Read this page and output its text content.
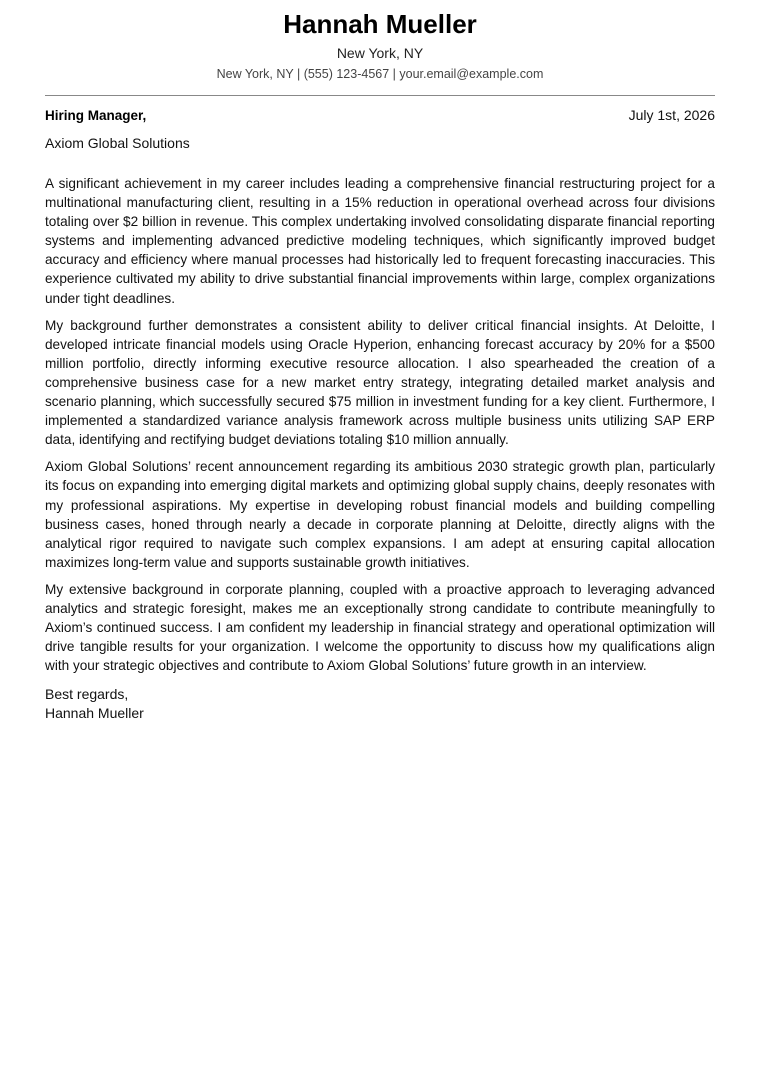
Hannah Mueller
New York, NY
New York, NY | (555) 123-4567 | your.email@example.com
Hiring Manager,	July 1st, 2026
Axiom Global Solutions

A significant achievement in my career includes leading a comprehensive financial restructuring project for a multinational manufacturing client, resulting in a 15% reduction in operational overhead across four divisions totaling over $2 billion in revenue. This complex undertaking involved consolidating disparate financial reporting systems and implementing advanced predictive modeling techniques, which significantly improved budget accuracy and efficiency where manual processes had historically led to frequent forecasting inaccuracies. This experience cultivated my ability to drive substantial financial improvements within large, complex organizations under tight deadlines.

My background further demonstrates a consistent ability to deliver critical financial insights. At Deloitte, I developed intricate financial models using Oracle Hyperion, enhancing forecast accuracy by 20% for a $500 million portfolio, directly informing executive resource allocation. I also spearheaded the creation of a comprehensive business case for a new market entry strategy, integrating detailed market analysis and scenario planning, which successfully secured $75 million in investment funding for a key client. Furthermore, I implemented a standardized variance analysis framework across multiple business units utilizing SAP ERP data, identifying and rectifying budget deviations totaling $10 million annually.

Axiom Global Solutions’ recent announcement regarding its ambitious 2030 strategic growth plan, particularly its focus on expanding into emerging digital markets and optimizing global supply chains, deeply resonates with my professional aspirations. My expertise in developing robust financial models and building compelling business cases, honed through nearly a decade in corporate planning at Deloitte, directly aligns with the analytical rigor required to navigate such complex expansions. I am adept at ensuring capital allocation maximizes long-term value and supports sustainable growth initiatives.

My extensive background in corporate planning, coupled with a proactive approach to leveraging advanced analytics and strategic foresight, makes me an exceptionally strong candidate to contribute meaningfully to Axiom’s continued success. I am confident my leadership in financial strategy and operational optimization will drive tangible results for your organization. I welcome the opportunity to discuss how my qualifications align with your strategic objectives and contribute to Axiom Global Solutions’ future growth in an interview.

Best regards,
Hannah Mueller
